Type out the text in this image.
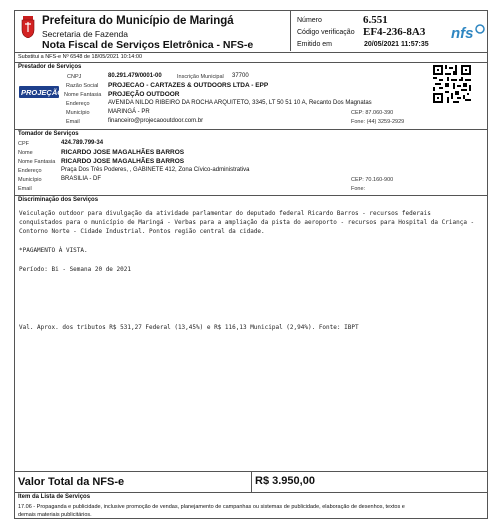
Prefeitura do Município de Maringá
Secretaria de Fazenda
Nota Fiscal de Serviços Eletrônica - NFS-e
Número	6.551
Código verificação EF4-236-8A3
Emitido em	20/05/2021 11:57:35
nfs
Substitui a NFS-e Nº 6548 de 18/05/2021 10:14:00
Prestador de Serviços
PROJEÇÃO
CNPJ	80.291.479/0001-00	Inscrição Municipal 37700
Razão Social PROJECAO - CARTAZES & OUTDOORS LTDA - EPP
Nome Fantasia PROJEÇÃO OUTDOOR
Endereço	AVENIDA NILDO RIBEIRO DA ROCHA ARQUITETO, 3345, LT 50 51 10 A, Recanto Dos Magnatas
Município	MARINGÁ - PR	CEP: 87.060-390
Email	financeiro@projecaooutdoor.com.br	Fone: (44) 3259-2929
Tomador de Serviços
CPF	424.789.799-34
Nome	RICARDO JOSE MAGALHÃES BARROS
Nome Fantasia RICARDO JOSE MAGALHÃES BARROS
Endereço	Praça Dos Três Poderes, , GABINETE 412, Zona Cívico-administrativa
Município	BRASILIA - DF	CEP: 70.160-900
Email	Fone:
Discriminação dos Serviços
Veiculação outdoor para divulgação da atividade parlamentar do deputado federal Ricardo Barros - recursos federais
conquistados para o município de Maringá - Verbas para a ampliação da pista do aeroporto - recursos para Hospital da Criança -
Contorno Norte - Cidade Industrial. Pontos região central da cidade.
*PAGAMENTO À VISTA.
Período: Bi - Semana 20 de 2021
Val. Aprox. dos tributos R$ 531,27 Federal (13,45%) e R$ 116,13 Municipal (2,94%). Fonte: IBPT
Valor Total da NFS-e	R$ 3.950,00
Item da Lista de Serviços
17.06 - Propaganda e publicidade, inclusive promoção de vendas, planejamento de campanhas ou sistemas de publicidade, elaboração de desenhos, textos e
demais materiais publicitários.
